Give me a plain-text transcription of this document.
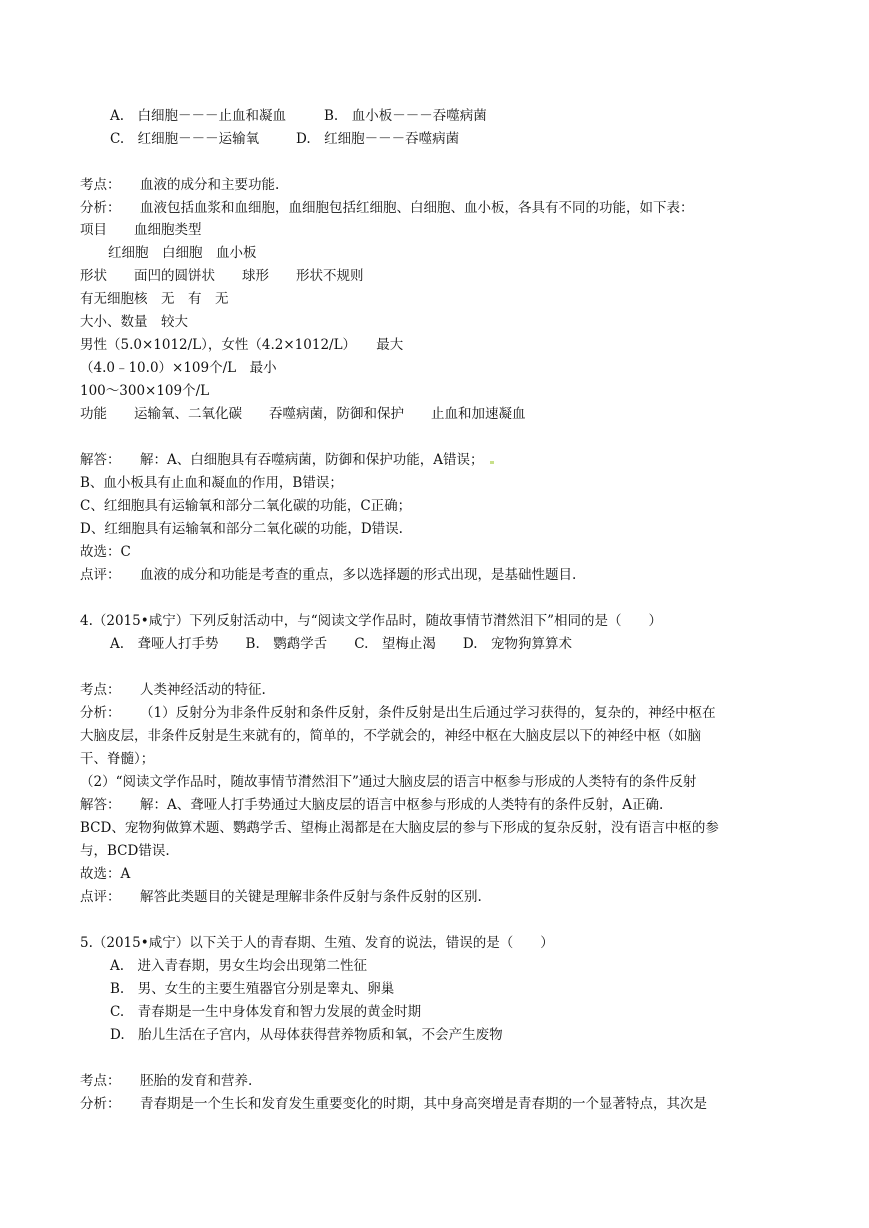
A.　白细胞－－－止血和凝血	B.　血小板－－－吞噬病菌
C.　红细胞－－－运输氧	D.　红细胞－－－吞噬病菌
考点： 血液的成分和主要功能.
分析： 血液包括血浆和血细胞，血细胞包括红细胞、白细胞、血小板，各具有不同的功能，如下表：
项目　　血细胞类型
红细胞　白细胞　血小板
形状　　面凹的圆饼状　　球形　　形状不规则
有无细胞核　无　有　无
大小、数量　较大
男性（5.0×1012/L），女性（4.2×1012/L）　　最大
（4.0﹣10.0）×109个/L　最小
100～300×109个/L
功能　　运输氧、二氧化碳　　吞噬病菌，防御和保护　　止血和加速凝血
解答： 解：A、白细胞具有吞噬病菌，防御和保护功能，A错误；
B、血小板具有止血和凝血的作用，B错误；
C、红细胞具有运输氧和部分二氧化碳的功能，C正确；
D、红细胞具有运输氧和部分二氧化碳的功能，D错误.
故选：C
点评： 血液的成分和功能是考查的重点，多以选择题的形式出现，是基础性题目.
4.（2015•咸宁）下列反射活动中，与“阅读文学作品时，随故事情节潸然泪下”相同的是（　　）
A.　聋哑人打手势　　B.　鹦鹉学舌　　C.　望梅止渴　　D.　宠物狗算算术
考点： 人类神经活动的特征.
分析： （1）反射分为非条件反射和条件反射，条件反射是出生后通过学习获得的，复杂的，神经中枢在
大脑皮层，非条件反射是生来就有的，简单的，不学就会的，神经中枢在大脑皮层以下的神经中枢（如脑
干、脊髓）；
（2）“阅读文学作品时，随故事情节潸然泪下”通过大脑皮层的语言中枢参与形成的人类特有的条件反射
解答： 解：A、聋哑人打手势通过大脑皮层的语言中枢参与形成的人类特有的条件反射，A正确.
BCD、宠物狗做算术题、鹦鹉学舌、望梅止渴都是在大脑皮层的参与下形成的复杂反射，没有语言中枢的参
与，BCD错误.
故选：A
点评： 解答此类题目的关键是理解非条件反射与条件反射的区别.
5.（2015•咸宁）以下关于人的青春期、生殖、发育的说法，错误的是（　　）
A.　进入青春期，男女生均会出现第二性征
B.　男、女生的主要生殖器官分别是睾丸、卵巢
C.　青春期是一生中身体发育和智力发展的黄金时期
D.　胎儿生活在子宫内，从母体获得营养物质和氧，不会产生废物
考点： 胚胎的发育和营养.
分析： 青春期是一个生长和发育发生重要变化的时期，其中身高突增是青春期的一个显著特点，其次是
